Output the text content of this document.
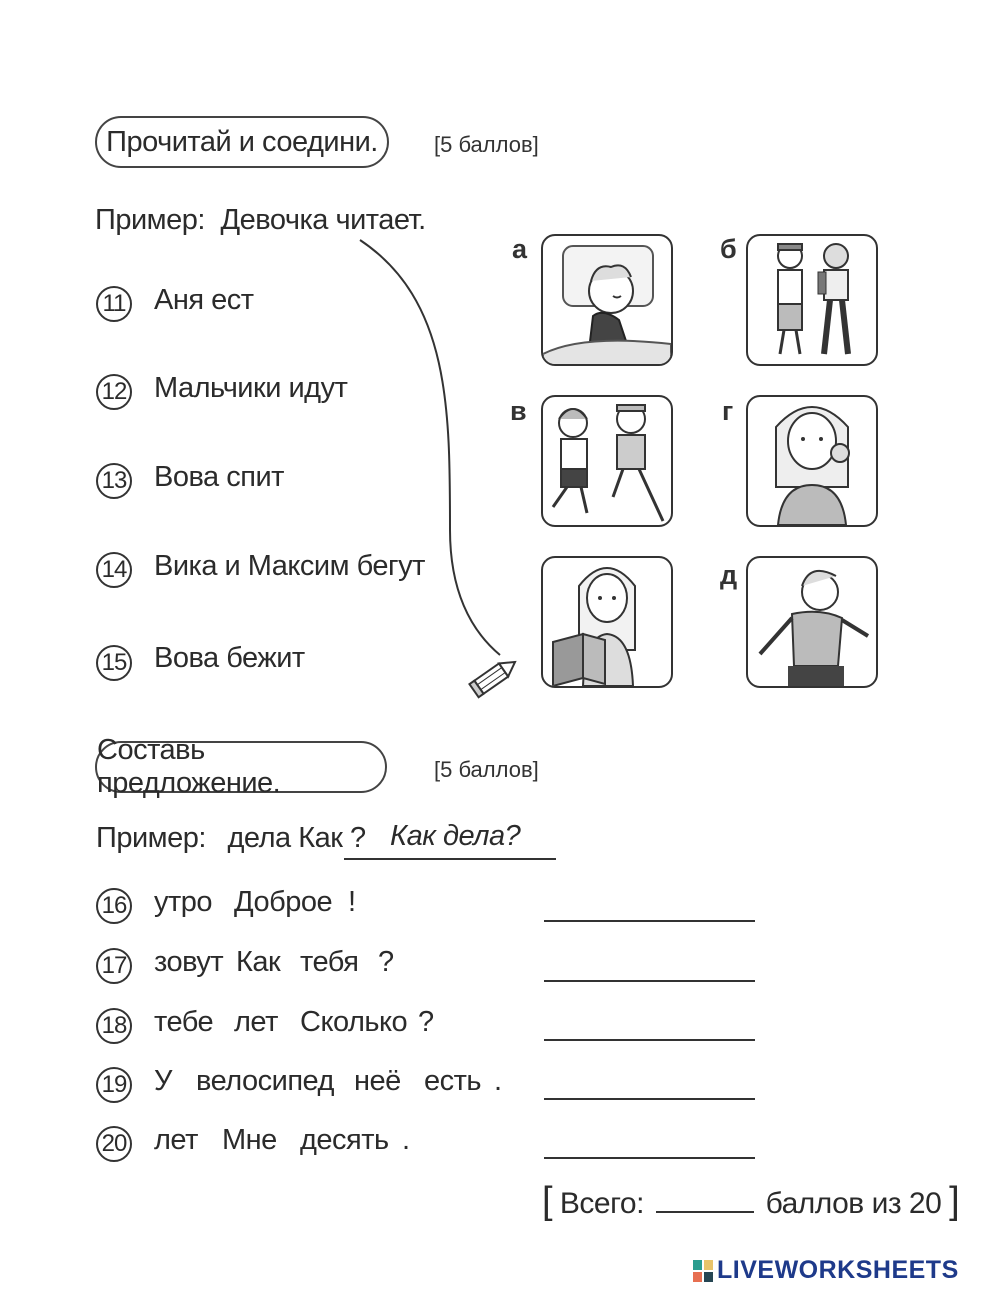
Прочитай и соедини.	[5 баллов]
Пример: Девочка читает.
11 Аня ест
12 Мальчики идут
13 Вова спит
14 Вика и Максим бегут
15 Вова бежит
а	б
в	г
д
Составь предложение.	[5 баллов]
Пример: дела Как ? Как дела?
16 утро Доброе !
17 зовут Как тебя ?
18 тебе лет Сколько ?
19 У велосипед неё есть .
20 лет Мне десять .
[ Всего:	баллов из 20 ]
LIVEWORKSHEETS
